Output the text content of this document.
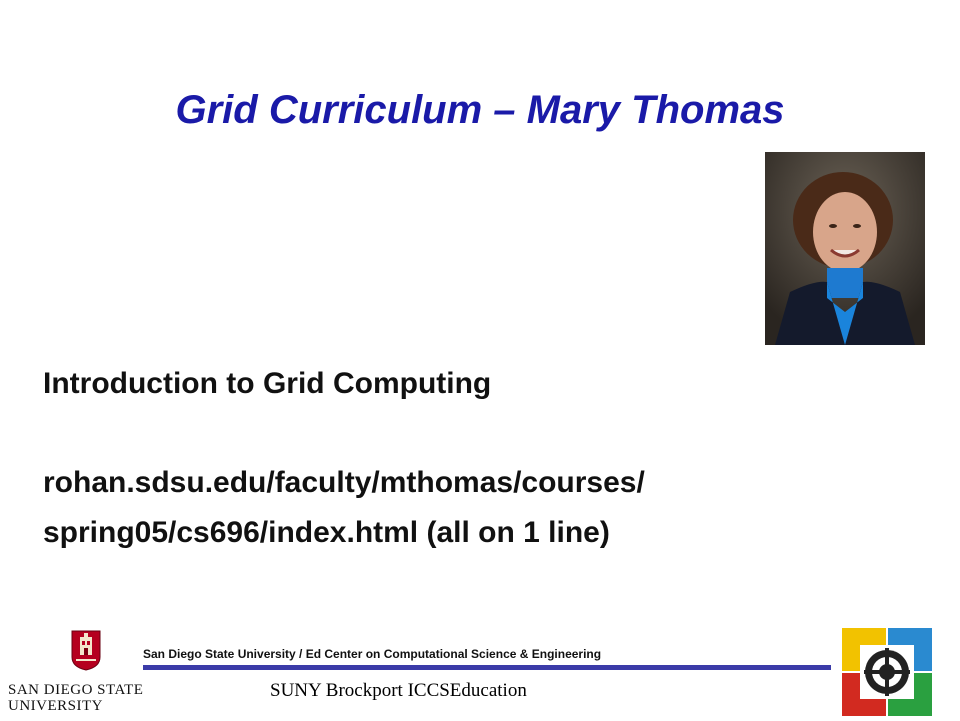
Grid Curriculum – Mary Thomas
Introduction to Grid Computing
rohan.sdsu.edu/faculty/mthomas/courses/
spring05/cs696/index.html (all on 1 line)
SAN DIEGO STATE
UNIVERSITY
San Diego State University / Ed Center on Computational Science & Engineering
SUNY Brockport ICCSEducation
